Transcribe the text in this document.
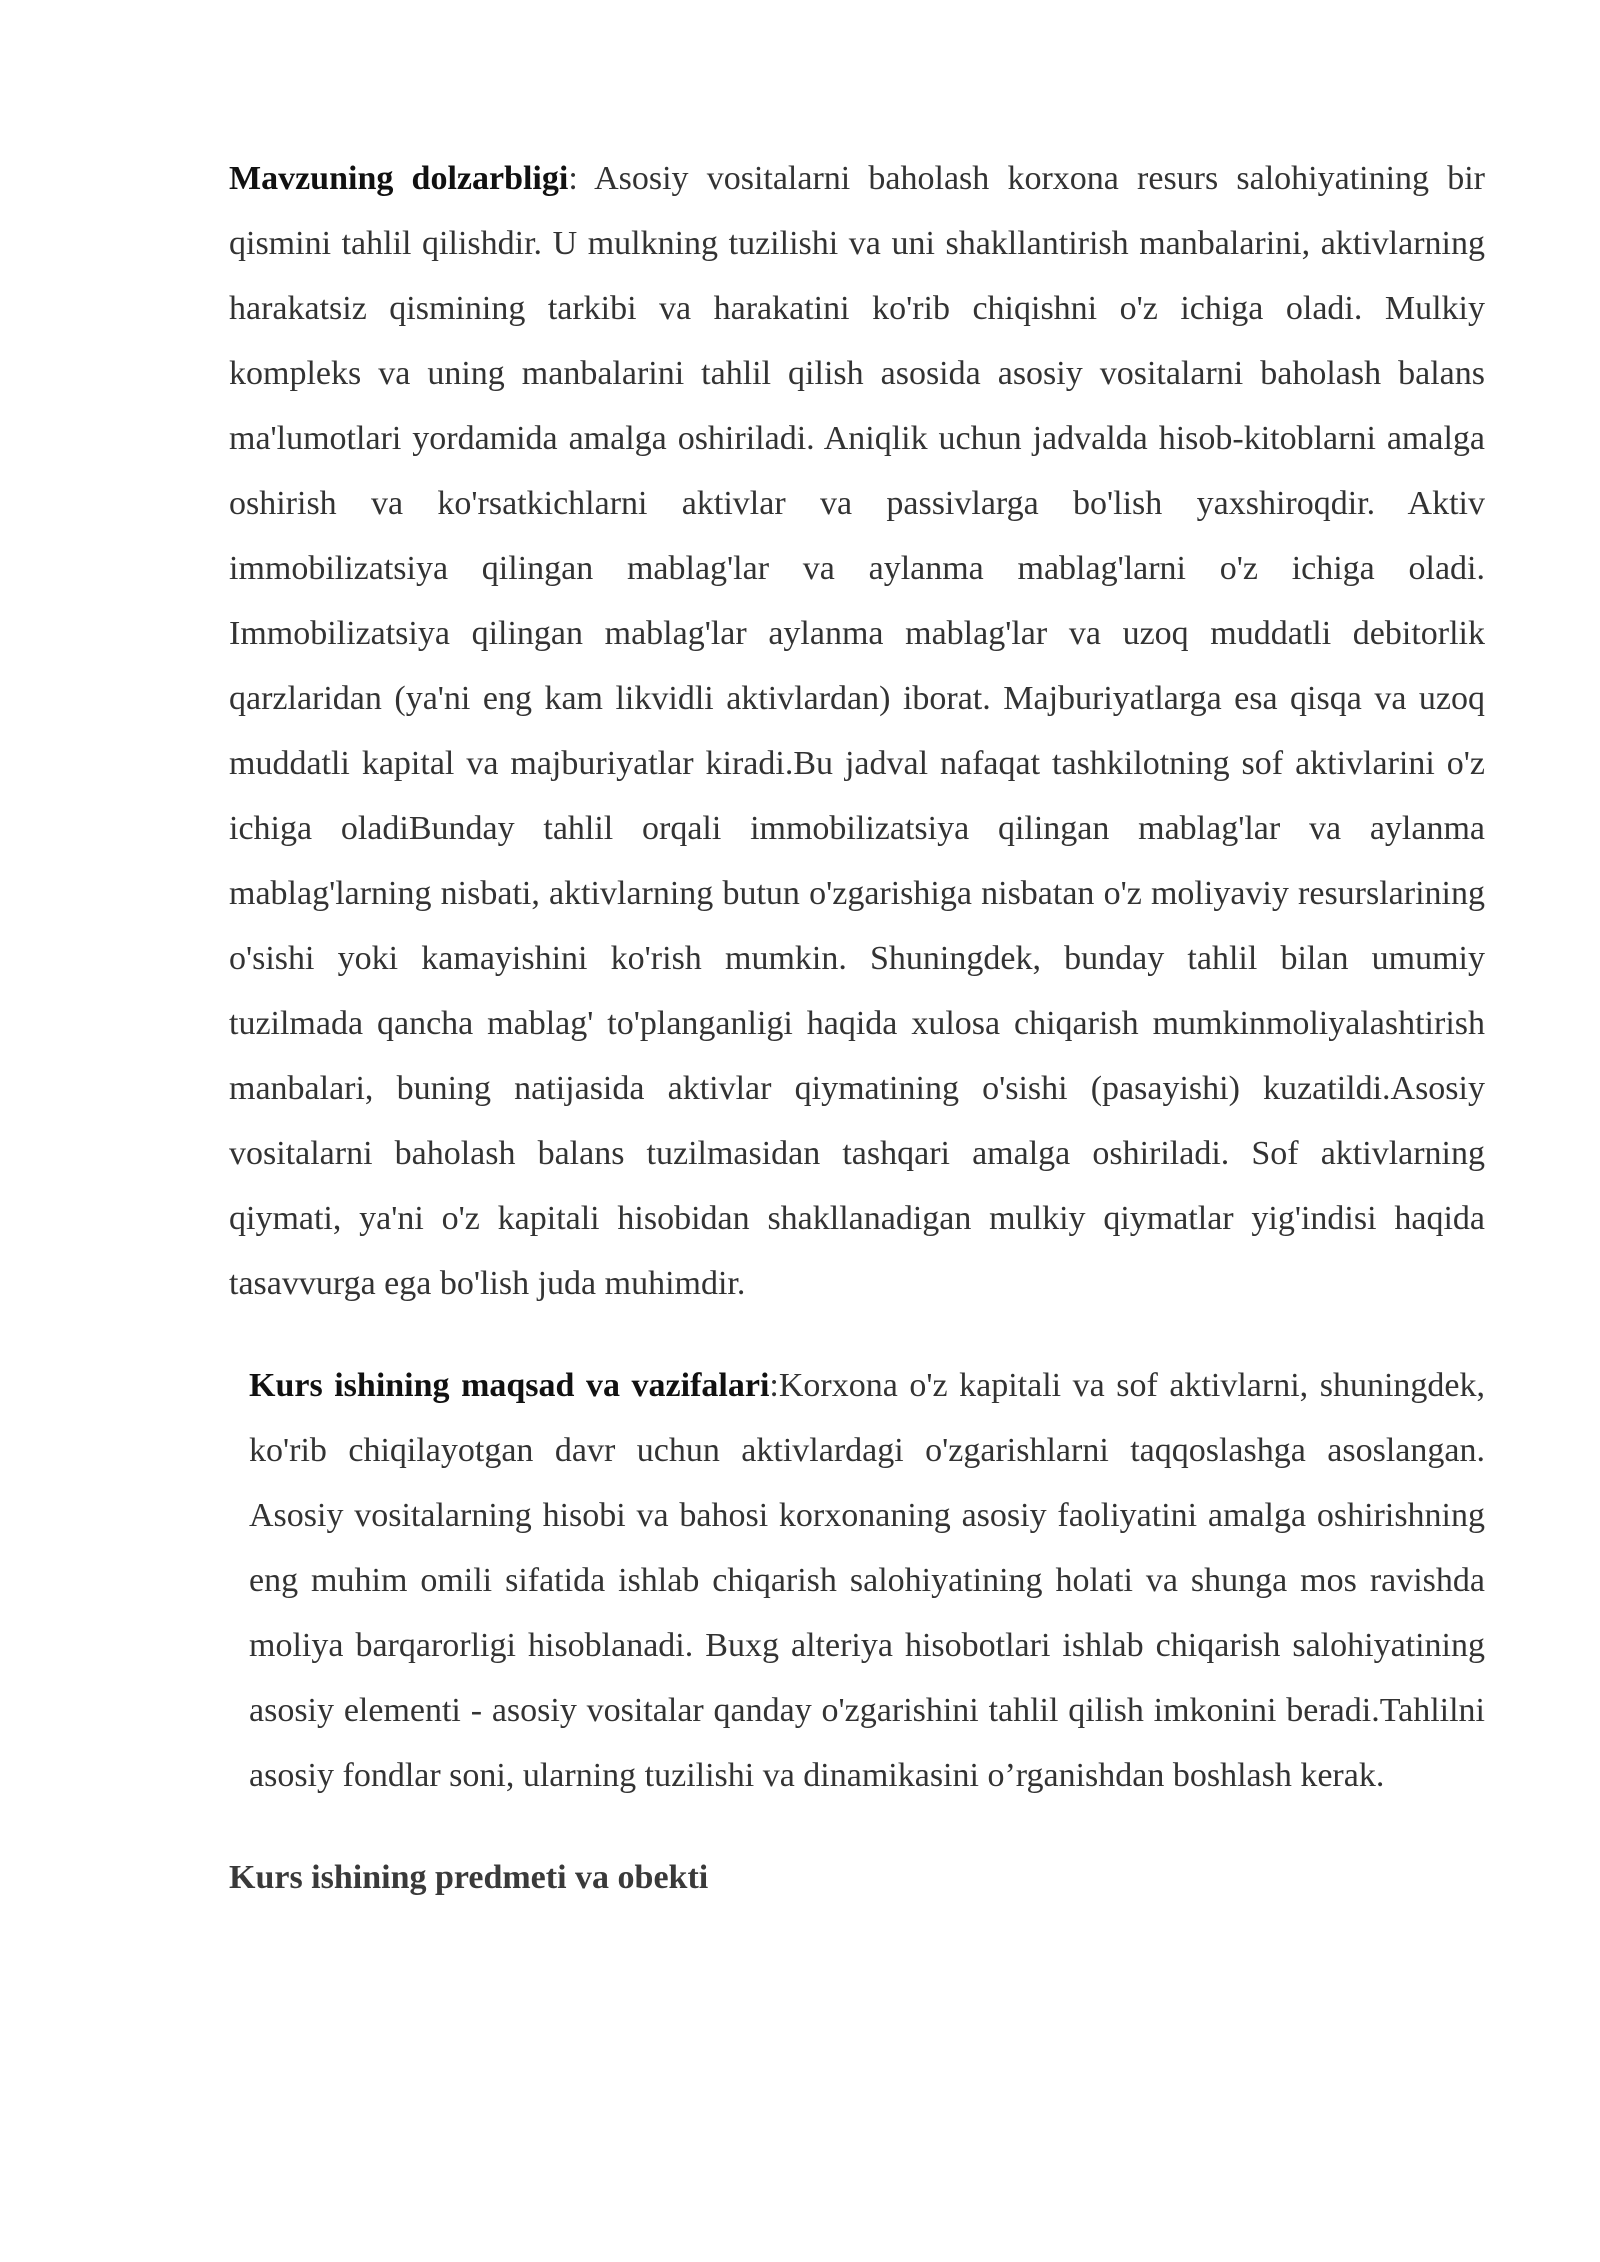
Mavzuning dolzarbligi: Asosiy vositalarni baholash korxona resurs salohiyatining bir qismini tahlil qilishdir. U mulkning tuzilishi va uni shakllantirish manbalarini, aktivlarning harakatsiz qismining tarkibi va harakatini ko'rib chiqishni o'z ichiga oladi. Mulkiy kompleks va uning manbalarini tahlil qilish asosida asosiy vositalarni baholash balans ma'lumotlari yordamida amalga oshiriladi. Aniqlik uchun jadvalda hisob-kitoblarni amalga oshirish va ko'rsatkichlarni aktivlar va passivlarga bo'lish yaxshiroqdir. Aktiv immobilizatsiya qilingan mablag'lar va aylanma mablag'larni o'z ichiga oladi. Immobilizatsiya qilingan mablag'lar aylanma mablag'lar va uzoq muddatli debitorlik qarzlaridan (ya'ni eng kam likvidli aktivlardan) iborat. Majburiyatlarga esa qisqa va uzoq muddatli kapital va majburiyatlar kiradi.Bu jadval nafaqat tashkilotning sof aktivlarini o'z ichiga oladiBunday tahlil orqali immobilizatsiya qilingan mablag'lar va aylanma mablag'larning nisbati, aktivlarning butun o'zgarishiga nisbatan o'z moliyaviy resurslarining o'sishi yoki kamayishini ko'rish mumkin. Shuningdek, bunday tahlil bilan umumiy tuzilmada qancha mablag' to'planganligi haqida xulosa chiqarish mumkinmoliyalashtirish manbalari, buning natijasida aktivlar qiymatining o'sishi (pasayishi) kuzatildi.Asosiy vositalarni baholash balans tuzilmasidan tashqari amalga oshiriladi. Sof aktivlarning qiymati, ya'ni o'z kapitali hisobidan shakllanadigan mulkiy qiymatlar yig'indisi haqida tasavvurga ega bo'lish juda muhimdir.

Kurs ishining maqsad va vazifalari:Korxona o'z kapitali va sof aktivlarni, shuningdek, ko'rib chiqilayotgan davr uchun aktivlardagi o'zgarishlarni taqqoslashga asoslangan. Asosiy vositalarning hisobi va bahosi korxonaning asosiy faoliyatini amalga oshirishning eng muhim omili sifatida ishlab chiqarish salohiyatining holati va shunga mos ravishda moliya barqarorligi hisoblanadi. Buxg alteriya hisobotlari ishlab chiqarish salohiyatining asosiy elementi - asosiy vositalar qanday o'zgarishini tahlil qilish imkonini beradi.Tahlilni asosiy fondlar soni, ularning tuzilishi va dinamikasini o’rganishdan boshlash kerak.

Kurs ishining predmeti va obekti
